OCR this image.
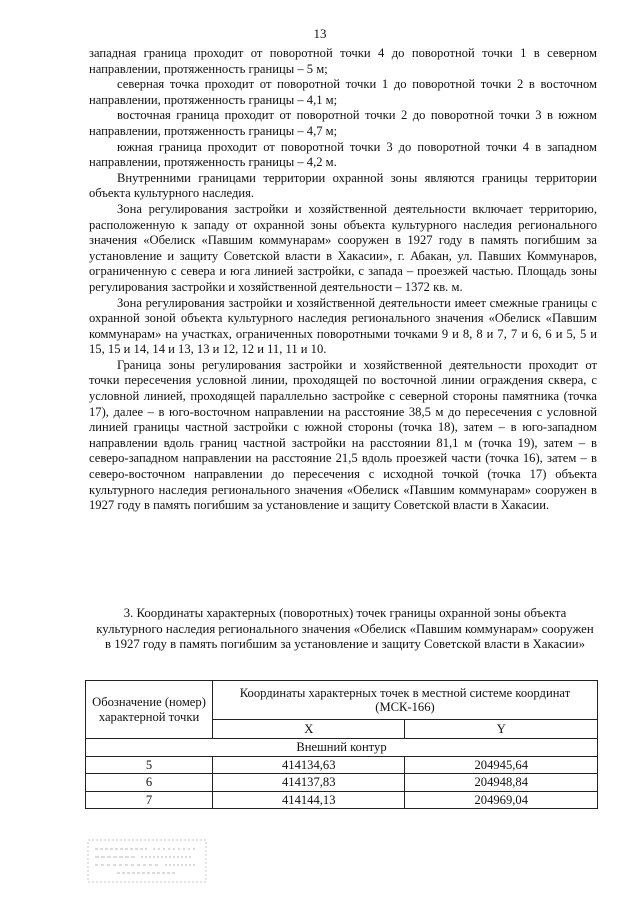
13

западная граница проходит от поворотной точки 4 до поворотной точки 1 в северном направлении, протяженность границы – 5 м;

северная точка проходит от поворотной точки 1 до поворотной точки 2 в восточном направлении, протяженность границы – 4,1 м;

восточная граница проходит от поворотной точки 2 до поворотной точки 3 в южном направлении, протяженность границы – 4,7 м;

южная граница проходит от поворотной точки 3 до поворотной точки 4 в западном направлении, протяженность границы – 4,2 м.

Внутренними границами территории охранной зоны являются границы территории объекта культурного наследия.

Зона регулирования застройки и хозяйственной деятельности включает территорию, расположенную к западу от охранной зоны объекта культурного наследия регионального значения «Обелиск «Павшим коммунарам» сооружен в 1927 году в память погибшим за установление и защиту Советской власти в Хакасии», г. Абакан, ул. Павших Коммунаров, ограниченную с севера и юга линией застройки, с запада – проезжей частью. Площадь зоны регулирования застройки и хозяйственной деятельности – 1372 кв. м.

Зона регулирования застройки и хозяйственной деятельности имеет смежные границы с охранной зоной объекта культурного наследия регионального значения «Обелиск «Павшим коммунарам» на участках, ограниченных поворотными точками 9 и 8, 8 и 7, 7 и 6, 6 и 5, 5 и 15, 15 и 14, 14 и 13, 13 и 12, 12 и 11, 11 и 10.

Граница зоны регулирования застройки и хозяйственной деятельности проходит от точки пересечения условной линии, проходящей по восточной линии ограждения сквера, с условной линией, проходящей параллельно застройке с северной стороны памятника (точка 17), далее – в юго-восточном направлении на расстояние 38,5 м до пересечения с условной линией границы частной застройки с южной стороны (точка 18), затем – в юго-западном направлении вдоль границ частной застройки на расстоянии 81,1 м (точка 19), затем – в северо-западном направлении на расстояние 21,5 вдоль проезжей части (точка 16), затем – в северо-восточном направлении до пересечения с исходной точкой (точка 17) объекта культурного наследия регионального значения «Обелиск «Павшим коммунарам» сооружен в 1927 году в память погибшим за установление и защиту Советской власти в Хакасии.

3. Координаты характерных (поворотных) точек границы охранной зоны объекта культурного наследия регионального значения «Обелиск «Павшим коммунарам» сооружен в 1927 году в память погибшим за установление и защиту Советской власти в Хакасии»
Обозначение (номер) характерной точки	Координаты характерных точек в местной системе координат (МСК-166)	
	X	Y
Внешний контур		
5	414134,63	204945,64
6	414137,83	204948,84
7	414144,13	204969,04
